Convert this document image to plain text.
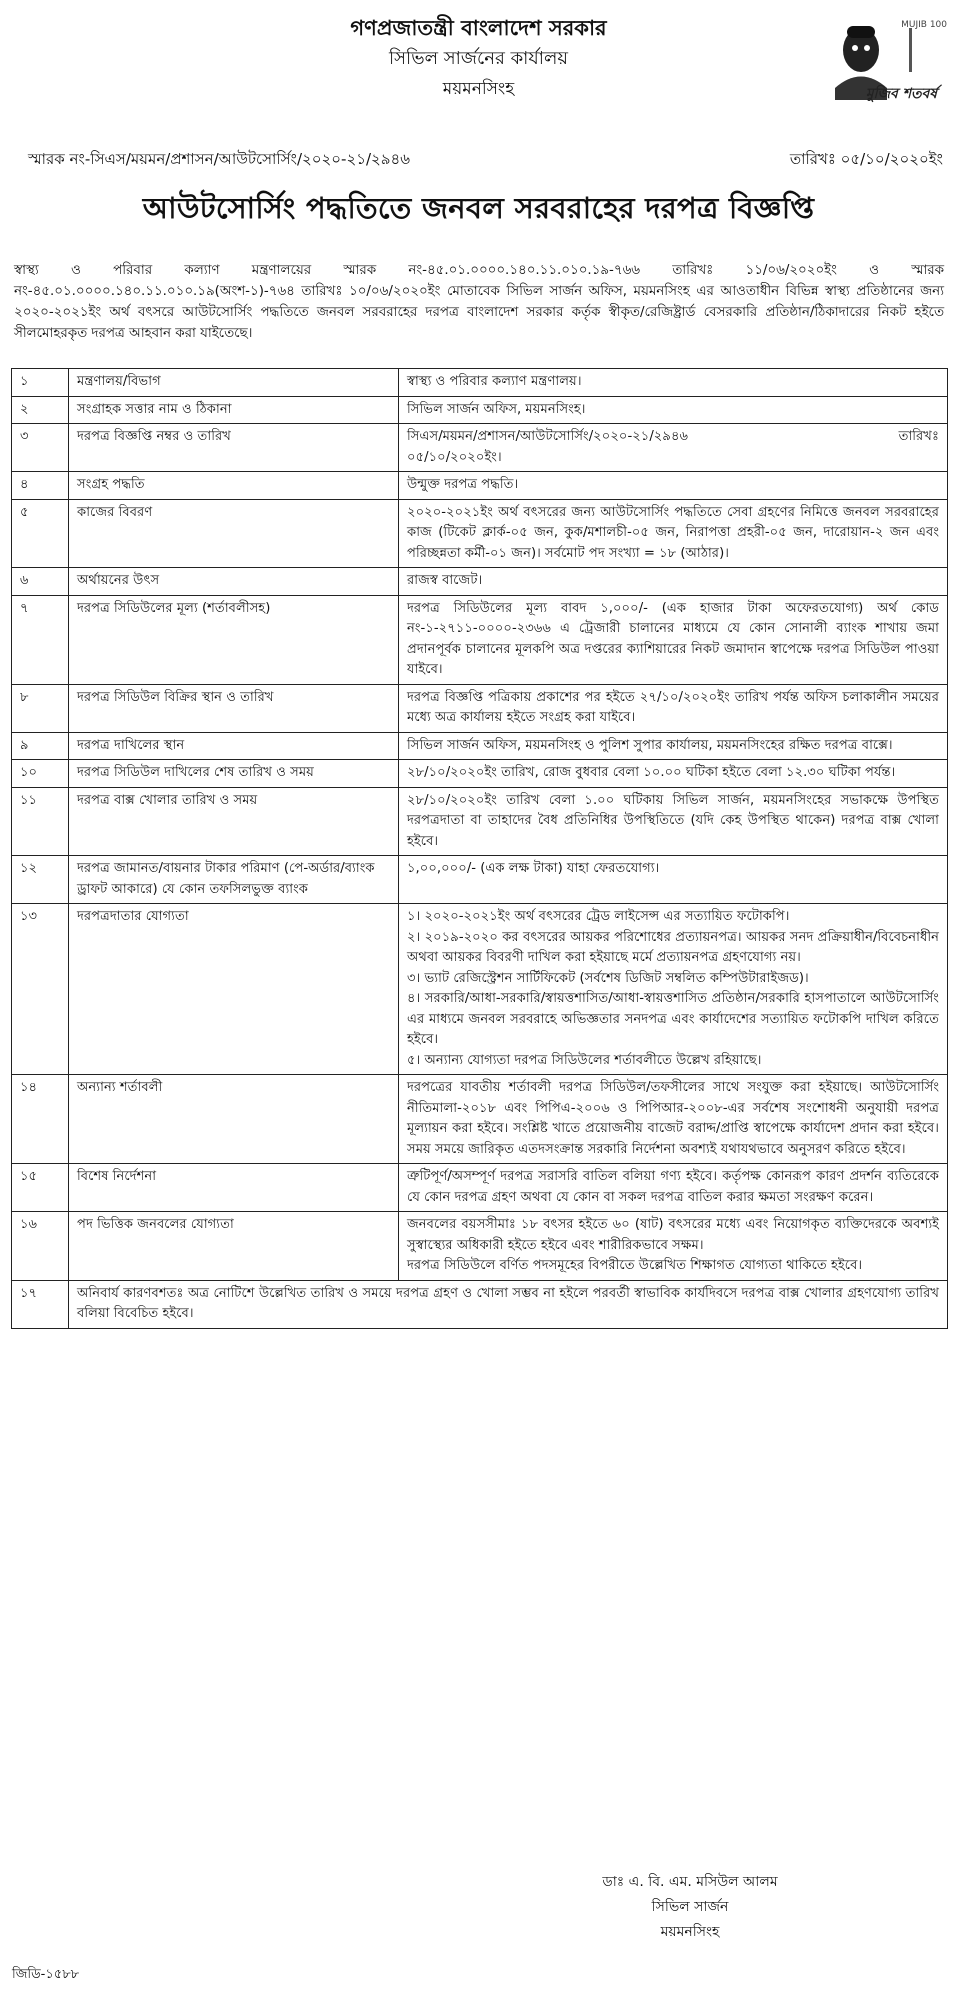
গণপ্রজাতন্ত্রী বাংলাদেশ সরকার
সিভিল সার্জনের কার্যালয়
ময়মনসিংহ	মুজিব শতবর্ষ
MUJIB 100
স্মারক নং-সিএস/ময়মন/প্রশাসন/আউটসোর্সিং/২০২০-২১/২৯৪৬	তারিখঃ ০৫/১০/২০২০ইং
আউটসোর্সিং পদ্ধতিতে জনবল সরবরাহের দরপত্র বিজ্ঞপ্তি
স্বাস্থ্য ও পরিবার কল্যাণ মন্ত্রণালয়ের স্মারক নং-৪৫.০১.০০০০.১৪০.১১.০১০.১৯-৭৬৬ তারিখঃ ১১/০৬/২০২০ইং ও স্মারক নং-৪৫.০১.০০০০.১৪০.১১.০১০.১৯(অংশ-১)-৭৬৪ তারিখঃ ১০/০৬/২০২০ইং মোতাবেক সিভিল সার্জন অফিস, ময়মনসিংহ এর আওতাধীন বিভিন্ন স্বাস্থ্য প্রতিষ্ঠানের জন্য ২০২০-২০২১ইং অর্থ বৎসরে আউটসোর্সিং পদ্ধতিতে জনবল সরবরাহের দরপত্র বাংলাদেশ সরকার কর্তৃক স্বীকৃত/রেজিষ্ট্রার্ড বেসরকারি প্রতিষ্ঠান/ঠিকাদারের নিকট হইতে সীলমোহরকৃত দরপত্র আহবান করা যাইতেছে।
১	মন্ত্রণালয়/বিভাগ	স্বাস্থ্য ও পরিবার কল্যাণ মন্ত্রণালয়।
২	সংগ্রাহক সত্তার নাম ও ঠিকানা	সিভিল সার্জন অফিস, ময়মনসিংহ।
৩	দরপত্র বিজ্ঞপ্তি নম্বর ও তারিখ	সিএস/ময়মন/প্রশাসন/আউটসোর্সিং/২০২০-২১/২৯৪৬ তারিখঃ
০৫/১০/২০২০ইং।

৪	সংগ্রহ পদ্ধতি	উন্মুক্ত দরপত্র পদ্ধতি।
৫	কাজের বিবরণ	২০২০-২০২১ইং অর্থ বৎসরের জন্য আউটসোর্সিং পদ্ধতিতে সেবা গ্রহণের নিমিত্তে জনবল সরবরাহের কাজ (টিকেট ক্লার্ক-০৫ জন, কুক/মশালচী-০৫ জন, নিরাপত্তা প্রহরী-০৫ জন, দারোয়ান-২ জন এবং পরিচ্ছন্নতা কর্মী-০১ জন)। সর্বমোট পদ সংখ্যা = ১৮ (আঠার)।
৬	অর্থায়নের উৎস	রাজস্ব বাজেট।
৭	দরপত্র সিডিউলের মূল্য (শর্তাবলীসহ)	দরপত্র সিডিউলের মূল্য বাবদ ১,০০০/- (এক হাজার টাকা অফেরতযোগ্য) অর্থ কোড নং-১-২৭১১-০০০০-২৩৬৬ এ ট্রেজারী চালানের মাধ্যমে যে কোন সোনালী ব্যাংক শাখায় জমা প্রদানপূর্বক চালানের মূলকপি অত্র দপ্তরের ক্যাশিয়ারের নিকট জমাদান স্বাপেক্ষে দরপত্র সিডিউল পাওয়া যাইবে।
৮	দরপত্র সিডিউল বিক্রির স্থান ও তারিখ	দরপত্র বিজ্ঞপ্তি পত্রিকায় প্রকাশের পর হইতে ২৭/১০/২০২০ইং তারিখ পর্যন্ত অফিস চলাকালীন সময়ের মধ্যে অত্র কার্যালয় হইতে সংগ্রহ করা যাইবে।
৯	দরপত্র দাখিলের স্থান	সিভিল সার্জন অফিস, ময়মনসিংহ ও পুলিশ সুপার কার্যালয়, ময়মনসিংহের রক্ষিত দরপত্র বাক্সে।
১০	দরপত্র সিডিউল দাখিলের শেষ তারিখ ও সময়	২৮/১০/২০২০ইং তারিখ, রোজ বুধবার বেলা ১০.০০ ঘটিকা হইতে বেলা ১২.৩০ ঘটিকা পর্যন্ত।
১১	দরপত্র বাক্স খোলার তারিখ ও সময়	২৮/১০/২০২০ইং তারিখ বেলা ১.০০ ঘটিকায় সিভিল সার্জন, ময়মনসিংহের সভাকক্ষে উপস্থিত দরপত্রদাতা বা তাহাদের বৈধ প্রতিনিধির উপস্থিতিতে (যদি কেহ উপস্থিত থাকেন) দরপত্র বাক্স খোলা হইবে।
১২	দরপত্র জামানত/বায়নার টাকার পরিমাণ (পে-অর্ডার/ব্যাংক ড্রাফট আকারে) যে কোন তফসিলভুক্ত ব্যাংক	১,০০,০০০/- (এক লক্ষ টাকা) যাহা ফেরতযোগ্য।
১৩	দরপত্রদাতার যোগ্যতা	১। ২০২০-২০২১ইং অর্থ বৎসরের ট্রেড লাইসেন্স এর সত্যায়িত ফটোকপি।
২। ২০১৯-২০২০ কর বৎসরের আয়কর পরিশোধের প্রত্যায়নপত্র। আয়কর সনদ প্রক্রিয়াধীন/বিবেচনাধীন অথবা আয়কর বিবরণী দাখিল করা হইয়াছে মর্মে প্রত্যায়নপত্র গ্রহণযোগ্য নয়।
৩। ভ্যাট রেজিস্ট্রেশন সার্টিফিকেট (সর্বশেষ ডিজিট সম্বলিত কম্পিউটারাইজড)।
৪। সরকারি/আধা-সরকারি/স্বায়ত্তশাসিত/আধা-স্বায়ত্তশাসিত প্রতিষ্ঠান/সরকারি হাসপাতালে আউটসোর্সিং এর মাধ্যমে জনবল সরবরাহে অভিজ্ঞতার সনদপত্র এবং কার্যাদেশের সত্যায়িত ফটোকপি দাখিল করিতে হইবে।
৫। অন্যান্য যোগ্যতা দরপত্র সিডিউলের শর্তাবলীতে উল্লেখ রহিয়াছে।

১৪	অন্যান্য শর্তাবলী	দরপত্রের যাবতীয় শর্তাবলী দরপত্র সিডিউল/তফসীলের সাথে সংযুক্ত করা হইয়াছে। আউটসোর্সিং নীতিমালা-২০১৮ এবং পিপিএ-২০০৬ ও পিপিআর-২০০৮-এর সর্বশেষ সংশোধনী অনুযায়ী দরপত্র মূল্যায়ন করা হইবে। সংশ্লিষ্ট খাতে প্রয়োজনীয় বাজেট বরাদ্দ/প্রাপ্তি স্বাপেক্ষে কার্যাদেশ প্রদান করা হইবে। সময় সময়ে জারিকৃত এতদসংক্রান্ত সরকারি নির্দেশনা অবশ্যই যথাযথভাবে অনুসরণ করিতে হইবে।
১৫	বিশেষ নির্দেশনা	ত্রুটিপূর্ণ/অসম্পূর্ণ দরপত্র সরাসরি বাতিল বলিয়া গণ্য হইবে। কর্তৃপক্ষ কোনরূপ কারণ প্রদর্শন ব্যতিরেকে যে কোন দরপত্র গ্রহণ অথবা যে কোন বা সকল দরপত্র বাতিল করার ক্ষমতা সংরক্ষণ করেন।
১৬	পদ ভিত্তিক জনবলের যোগ্যতা	জনবলের বয়সসীমাঃ ১৮ বৎসর হইতে ৬০ (ষাট) বৎসরের মধ্যে এবং নিয়োগকৃত ব্যক্তিদেরকে অবশ্যই সুস্বাস্থ্যের অধিকারী হইতে হইবে এবং শারীরিকভাবে সক্ষম।
দরপত্র সিডিউলে বর্ণিত পদসমূহের বিপরীতে উল্লেখিত শিক্ষাগত যোগ্যতা থাকিতে হইবে।

১৭	অনিবার্য কারণবশতঃ অত্র নোটিশে উল্লেখিত তারিখ ও সময়ে দরপত্র গ্রহণ ও খোলা সম্ভব না হইলে পরবর্তী স্বাভাবিক কার্যদিবসে দরপত্র বাক্স খোলার গ্রহণযোগ্য তারিখ বলিয়া বিবেচিত হইবে।	
ডাঃ এ. বি. এম. মসিউল আলম
সিভিল সার্জন
ময়মনসিংহ
জিডি-১৫৮৮
